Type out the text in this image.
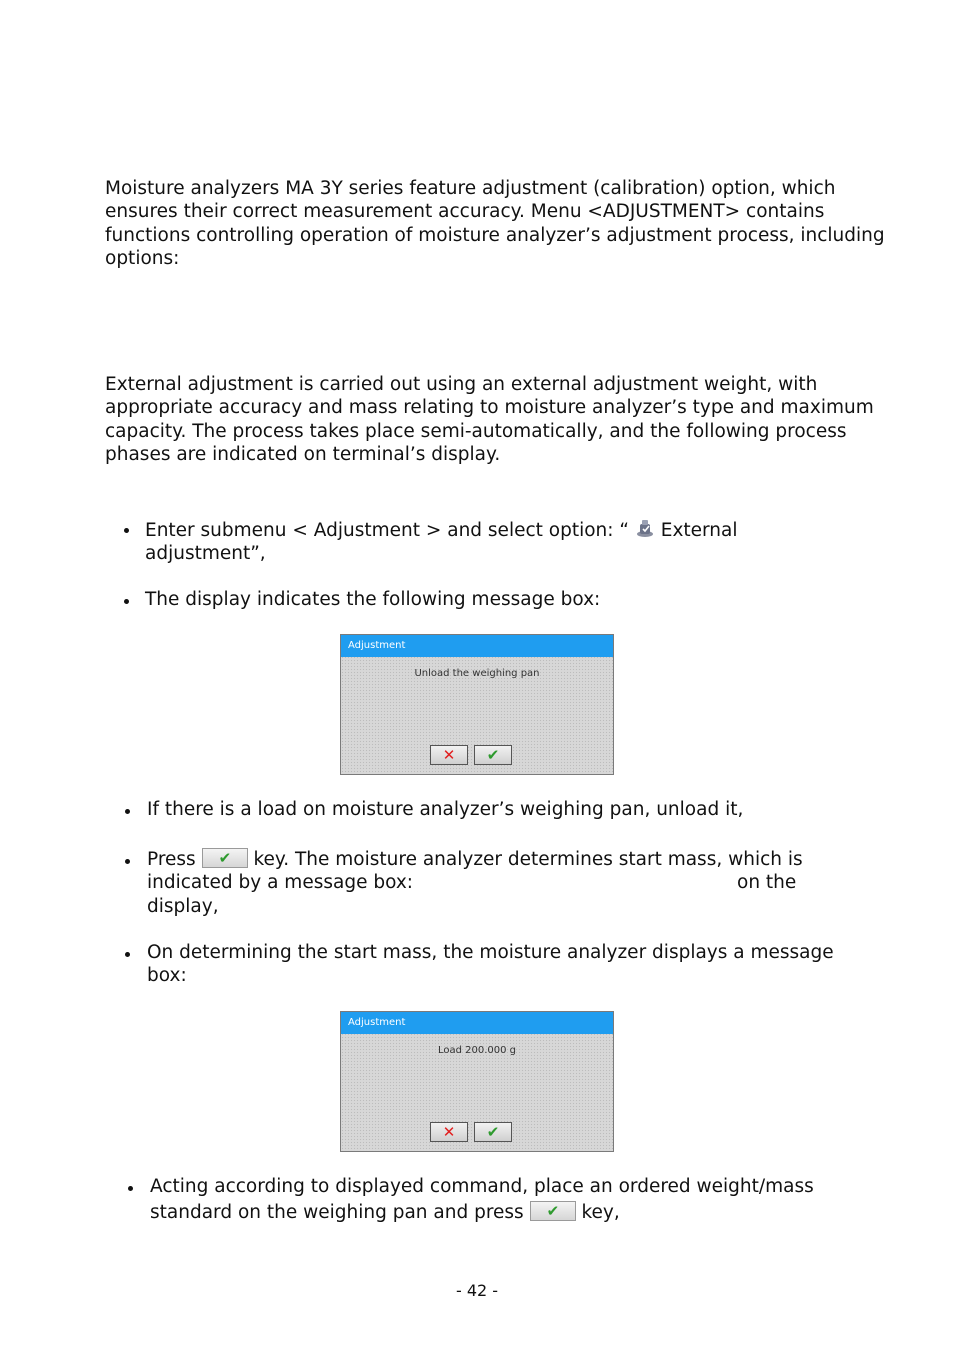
Moisture analyzers MA 3Y series feature adjustment (calibration) option, which ensures their correct measurement accuracy. Menu <ADJUSTMENT> contains functions controlling operation of moisture analyzer’s adjustment process, including options:

External adjustment is carried out using an external adjustment weight, with appropriate accuracy and mass relating to moisture analyzer’s type and maximum capacity. The process takes place semi-automatically, and the following process phases are indicated on terminal’s display.

Enter submenu < Adjustment > and select option: “ External
adjustment”,

The display indicates the following message box:

Adjustment
Unload the weighing pan
✕	✔

If there is a load on moisture analyzer’s weighing pan, unload it,

Press ✔ key. The moisture analyzer determines start mass, which is

indicated by a message box:	on the

display,

On determining the start mass, the moisture analyzer displays a message box:

Adjustment
Load 200.000 g
✕	✔

Acting according to displayed command, place an ordered weight/mass

standard on the weighing pan and press ✔ key,

- 42 -
